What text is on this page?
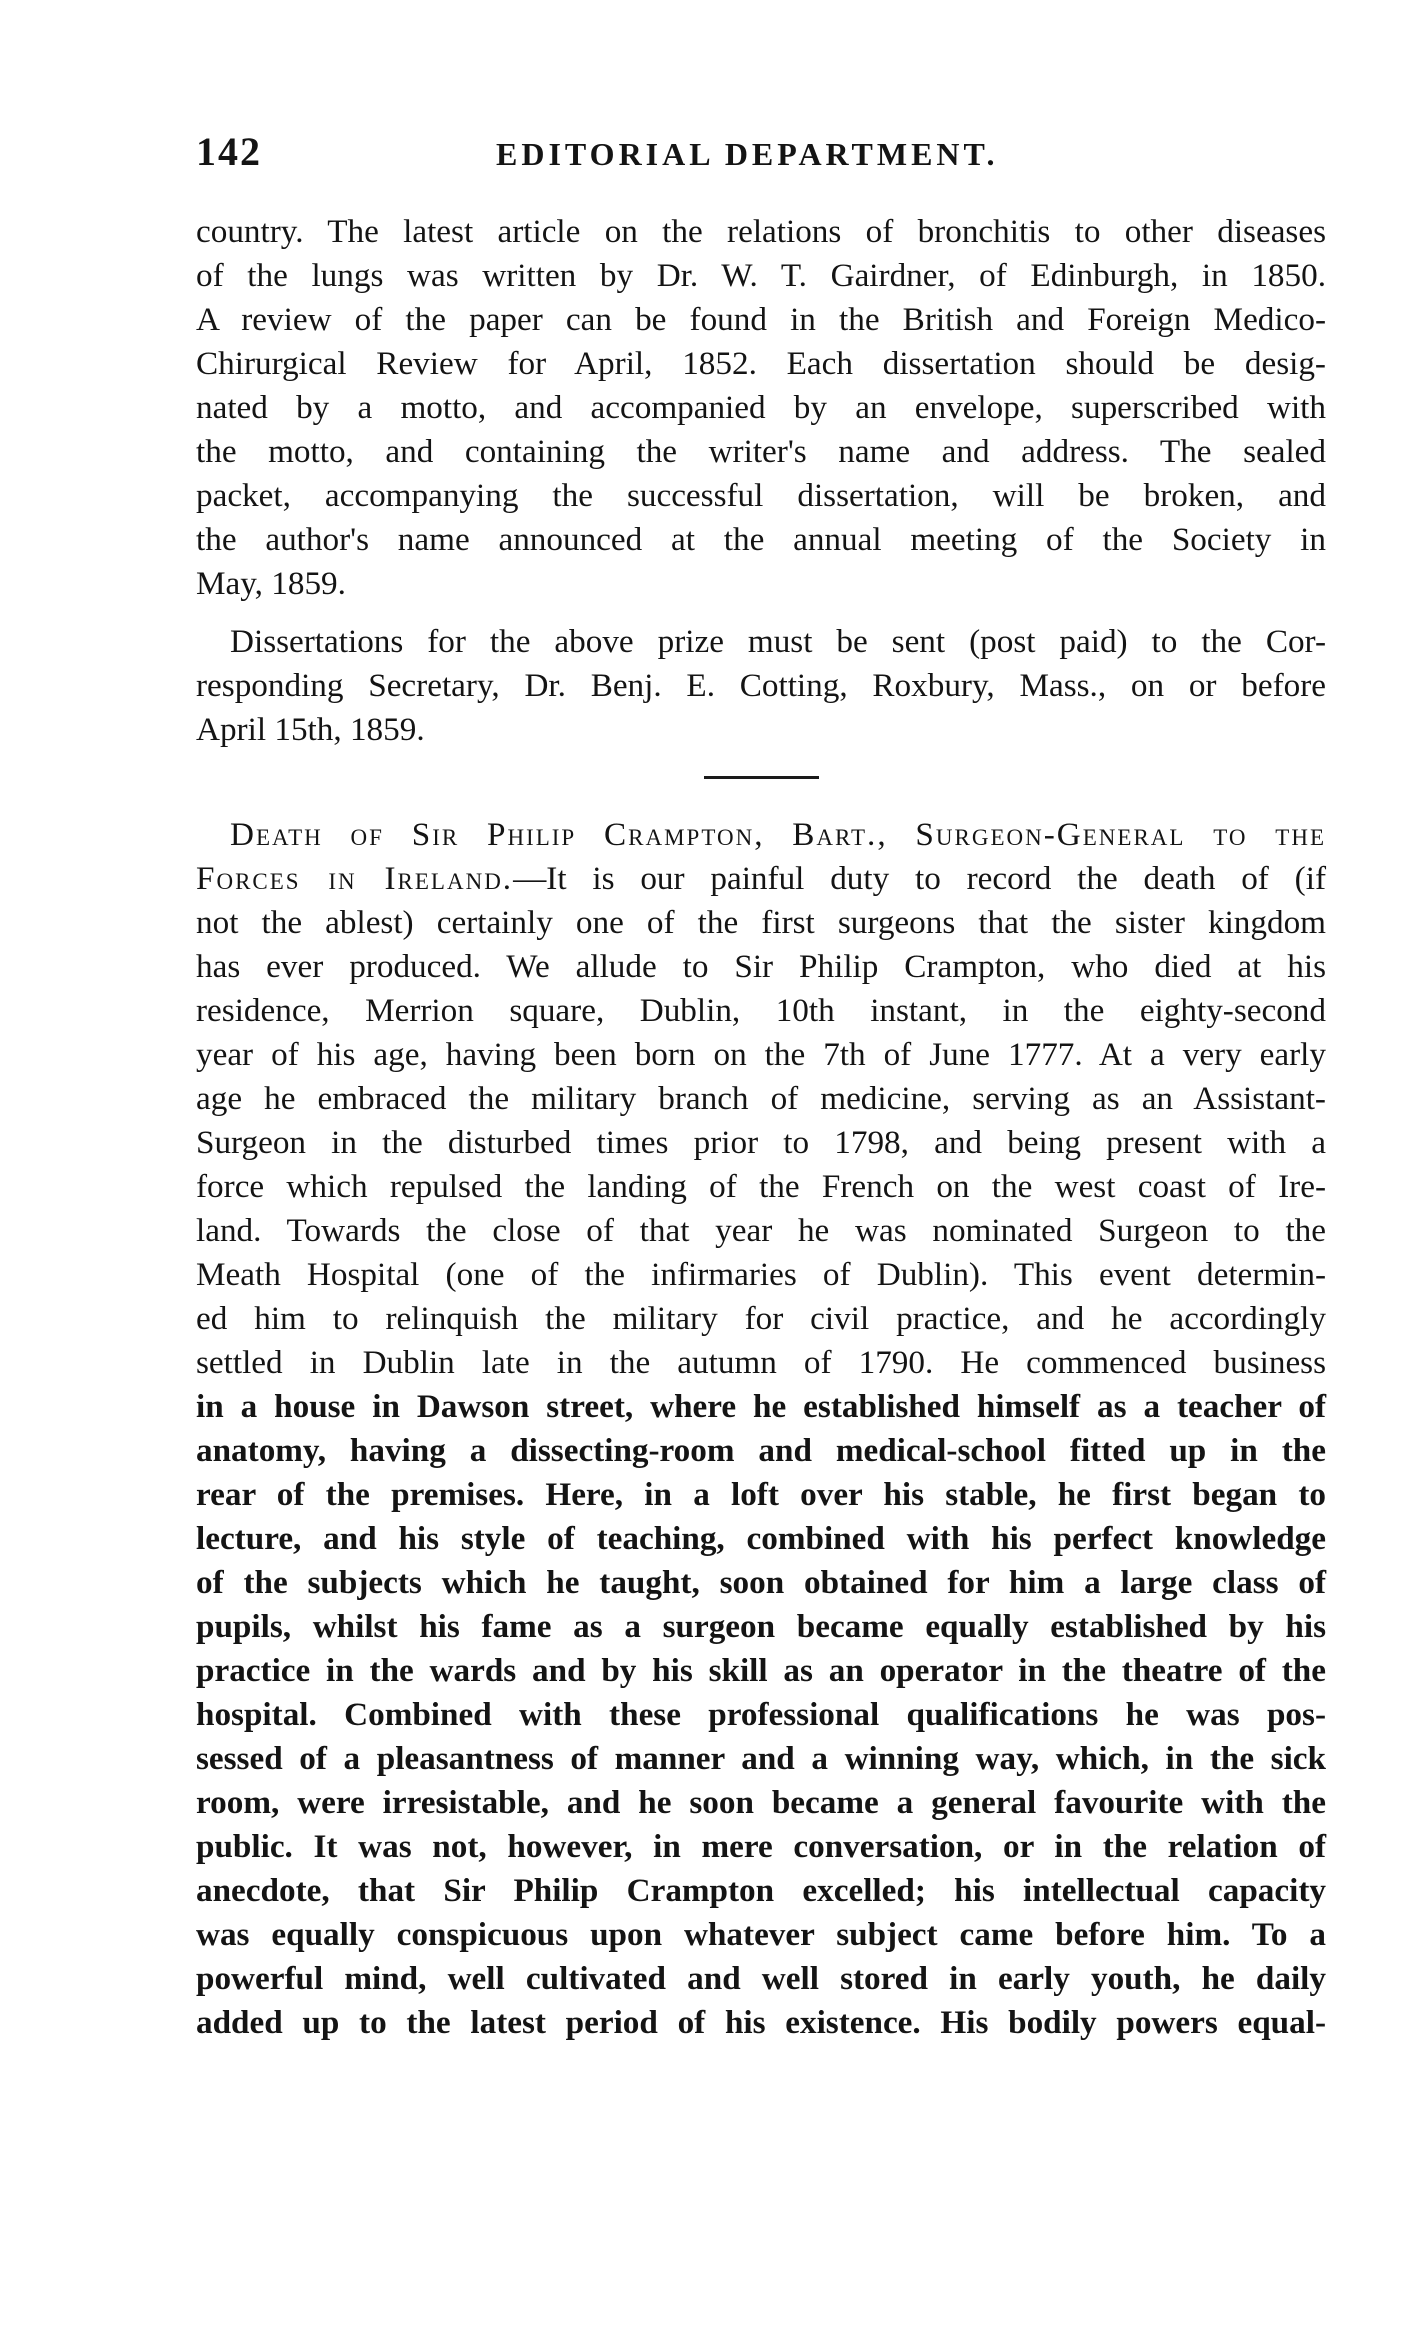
142	EDITORIAL DEPARTMENT.

country. The latest article on the relations of bronchitis to other diseases
of the lungs was written by Dr. W. T. Gairdner, of Edinburgh, in 1850.
A review of the paper can be found in the British and Foreign Medico-
Chirurgical Review for April, 1852. Each dissertation should be desig-
nated by a motto, and accompanied by an envelope, superscribed with
the motto, and containing the writer's name and address. The sealed
packet, accompanying the successful dissertation, will be broken, and
the author's name announced at the annual meeting of the Society in
May, 1859.

Dissertations for the above prize must be sent (post paid) to the Cor-
responding Secretary, Dr. Benj. E. Cotting, Roxbury, Mass., on or before
April 15th, 1859.

Death of Sir Philip Crampton, Bart., Surgeon-General to the
Forces in Ireland.—It is our painful duty to record the death of (if
not the ablest) certainly one of the first surgeons that the sister kingdom
has ever produced. We allude to Sir Philip Crampton, who died at his
residence, Merrion square, Dublin, 10th instant, in the eighty-second
year of his age, having been born on the 7th of June 1777. At a very early
age he embraced the military branch of medicine, serving as an Assistant-
Surgeon in the disturbed times prior to 1798, and being present with a
force which repulsed the landing of the French on the west coast of Ire-
land. Towards the close of that year he was nominated Surgeon to the
Meath Hospital (one of the infirmaries of Dublin). This event determin-
ed him to relinquish the military for civil practice, and he accordingly
settled in Dublin late in the autumn of 1790. He commenced business
in a house in Dawson street, where he established himself as a teacher of
anatomy, having a dissecting-room and medical-school fitted up in the
rear of the premises. Here, in a loft over his stable, he first began to
lecture, and his style of teaching, combined with his perfect knowledge
of the subjects which he taught, soon obtained for him a large class of
pupils, whilst his fame as a surgeon became equally established by his
practice in the wards and by his skill as an operator in the theatre of the
hospital. Combined with these professional qualifications he was pos-
sessed of a pleasantness of manner and a winning way, which, in the sick
room, were irresistable, and he soon became a general favourite with the
public. It was not, however, in mere conversation, or in the relation of
anecdote, that Sir Philip Crampton excelled; his intellectual capacity
was equally conspicuous upon whatever subject came before him. To a
powerful mind, well cultivated and well stored in early youth, he daily
added up to the latest period of his existence. His bodily powers equal-
